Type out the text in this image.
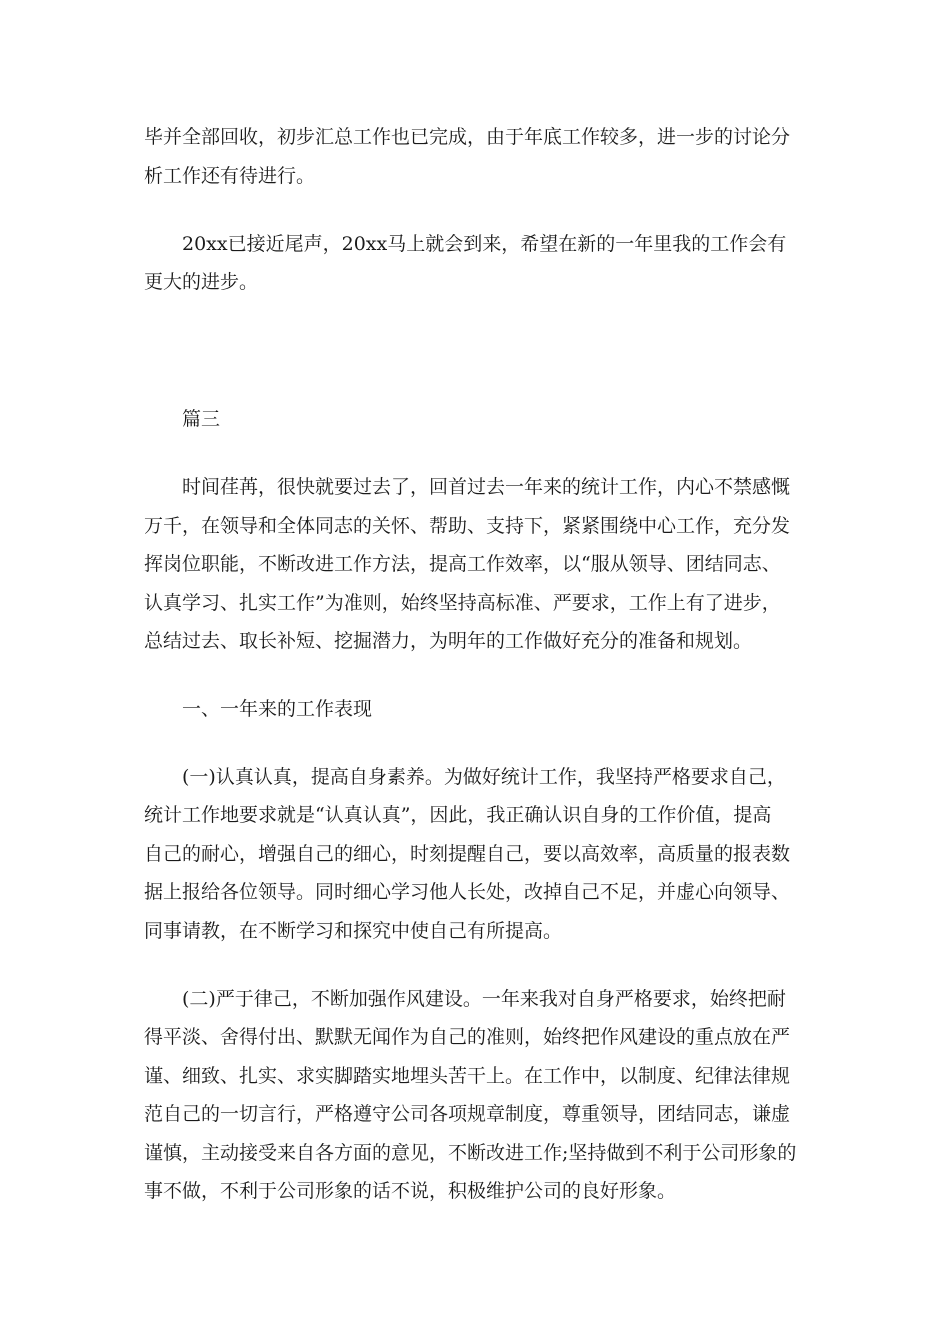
毕并全部回收，初步汇总工作也已完成，由于年底工作较多，进一步的讨论分

析工作还有待进行。

　　20xx已接近尾声，20xx马上就会到来，希望在新的一年里我的工作会有

更大的进步。

　　篇三

　　时间荏苒，很快就要过去了，回首过去一年来的统计工作，内心不禁感慨

万千，在领导和全体同志的关怀、帮助、支持下，紧紧围绕中心工作，充分发

挥岗位职能，不断改进工作方法，提高工作效率，以“服从领导、团结同志、

认真学习、扎实工作”为准则，始终坚持高标准、严要求，工作上有了进步，

总结过去、取长补短、挖掘潜力，为明年的工作做好充分的准备和规划。

　　一、一年来的工作表现

　　(一)认真认真，提高自身素养。为做好统计工作，我坚持严格要求自己，

统计工作地要求就是“认真认真”，因此，我正确认识自身的工作价值，提高

自己的耐心，增强自己的细心，时刻提醒自己，要以高效率，高质量的报表数

据上报给各位领导。同时细心学习他人长处，改掉自己不足，并虚心向领导、

同事请教，在不断学习和探究中使自己有所提高。

　　(二)严于律己，不断加强作风建设。一年来我对自身严格要求，始终把耐

得平淡、舍得付出、默默无闻作为自己的准则，始终把作风建设的重点放在严

谨、细致、扎实、求实脚踏实地埋头苦干上。在工作中，以制度、纪律法律规

范自己的一切言行，严格遵守公司各项规章制度，尊重领导，团结同志，谦虚

谨慎，主动接受来自各方面的意见，不断改进工作;坚持做到不利于公司形象的

事不做，不利于公司形象的话不说，积极维护公司的良好形象。
